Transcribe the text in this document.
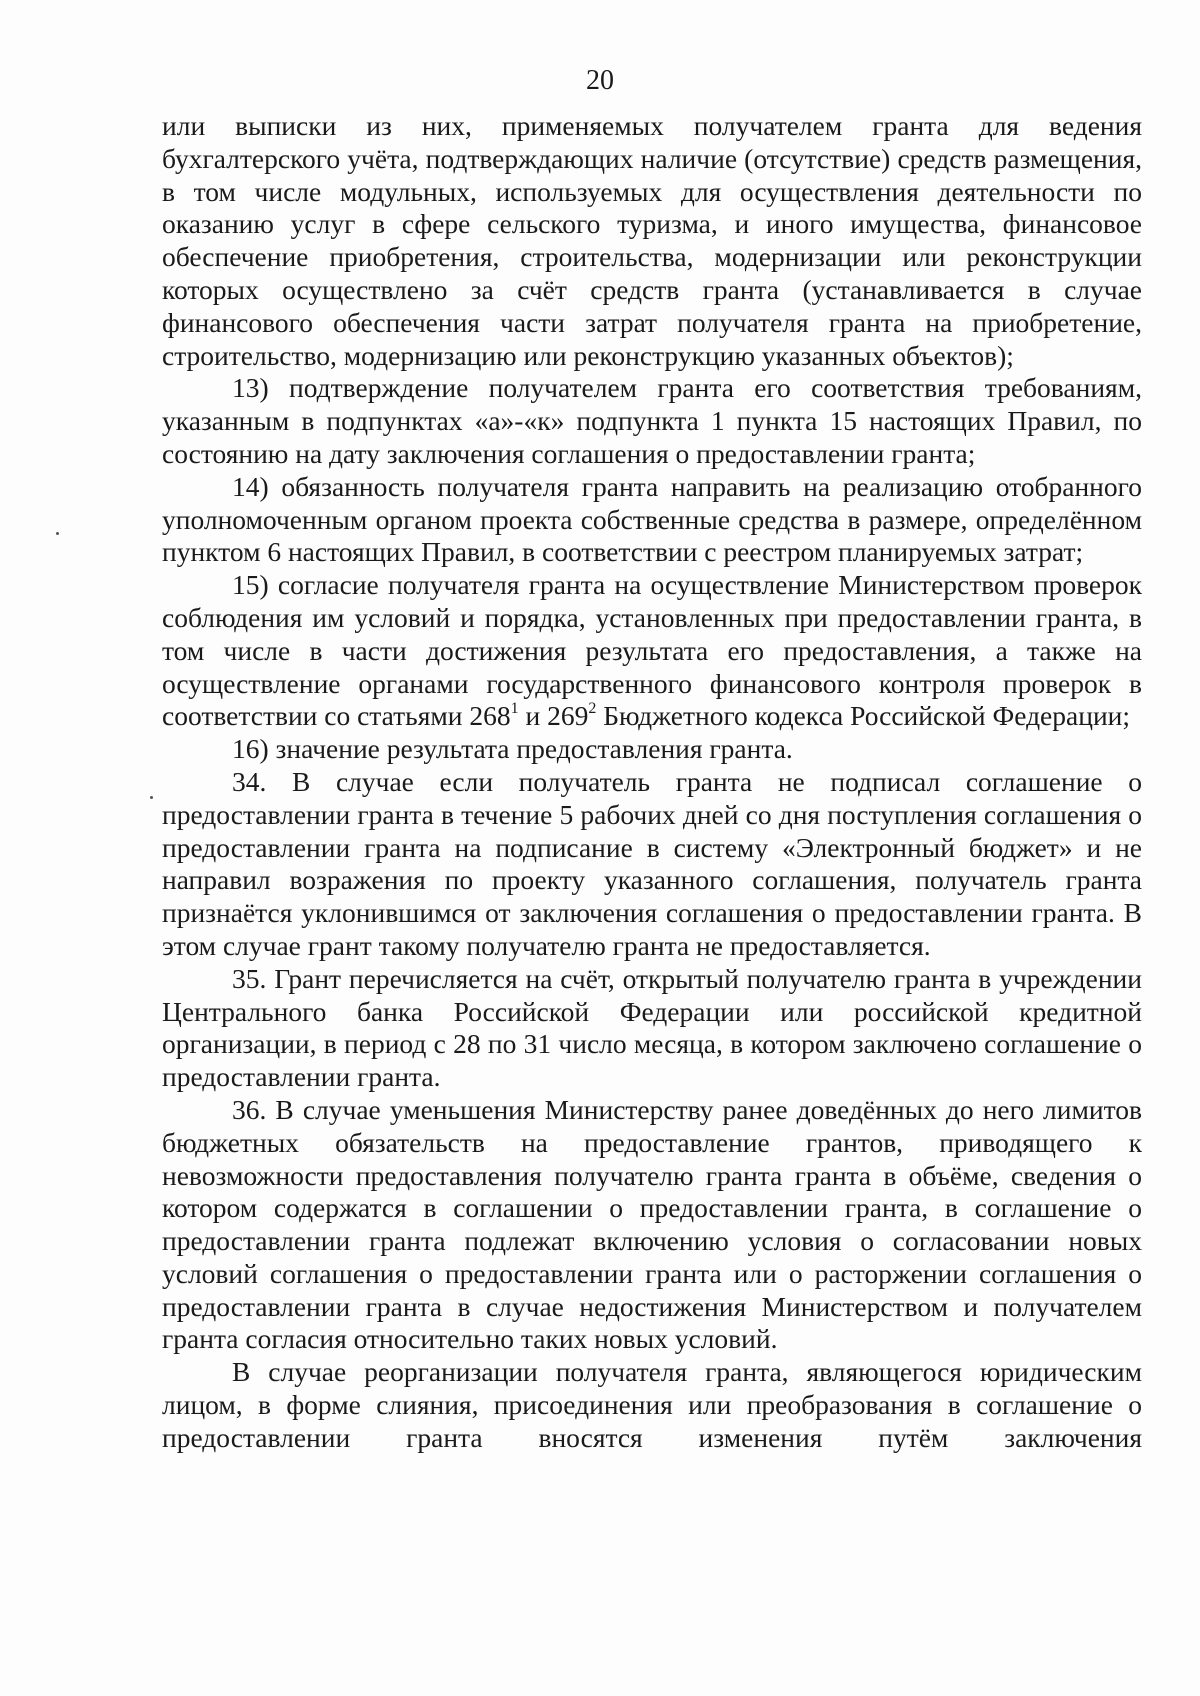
20

или выписки из них, применяемых получателем гранта для ведения бухгалтерского учёта, подтверждающих наличие (отсутствие) средств размещения, в том числе модульных, используемых для осуществления деятельности по оказанию услуг в сфере сельского туризма, и иного имущества, финансовое обеспечение приобретения, строительства, модернизации или реконструкции которых осуществлено за счёт средств гранта (устанавливается в случае финансового обеспечения части затрат получателя гранта на приобретение, строительство, модернизацию или реконструкцию указанных объектов);

13) подтверждение получателем гранта его соответствия требованиям, указанным в подпунктах «а»-«к» подпункта 1 пункта 15 настоящих Правил, по состоянию на дату заключения соглашения о предоставлении гранта;

14) обязанность получателя гранта направить на реализацию отобранного уполномоченным органом проекта собственные средства в размере, определённом пунктом 6 настоящих Правил, в соответствии с реестром планируемых затрат;

15) согласие получателя гранта на осуществление Министерством проверок соблюдения им условий и порядка, установленных при предоставлении гранта, в том числе в части достижения результата его предоставления, а также на осуществление органами государственного финансового контроля проверок в соответствии со статьями $268^1$ и $269^2$ Бюджетного кодекса Российской Федерации;

16) значение результата предоставления гранта.

34. В случае если получатель гранта не подписал соглашение о предоставлении гранта в течение 5 рабочих дней со дня поступления соглашения о предоставлении гранта на подписание в систему «Электронный бюджет» и не направил возражения по проекту указанного соглашения, получатель гранта признаётся уклонившимся от заключения соглашения о предоставлении гранта. В этом случае грант такому получателю гранта не предоставляется.

35. Грант перечисляется на счёт, открытый получателю гранта в учреждении Центрального банка Российской Федерации или российской кредитной организации, в период с 28 по 31 число месяца, в котором заключено соглашение о предоставлении гранта.

36. В случае уменьшения Министерству ранее доведённых до него лимитов бюджетных обязательств на предоставление грантов, приводящего к невозможности предоставления получателю гранта гранта в объёме, сведения о котором содержатся в соглашении о предоставлении гранта, в соглашение о предоставлении гранта подлежат включению условия о согласовании новых условий соглашения о предоставлении гранта или о расторжении соглашения о предоставлении гранта в случае недостижения Министерством и получателем гранта согласия относительно таких новых условий.

В случае реорганизации получателя гранта, являющегося юридическим лицом, в форме слияния, присоединения или преобразования в соглашение о предоставлении гранта вносятся изменения путём заключения
